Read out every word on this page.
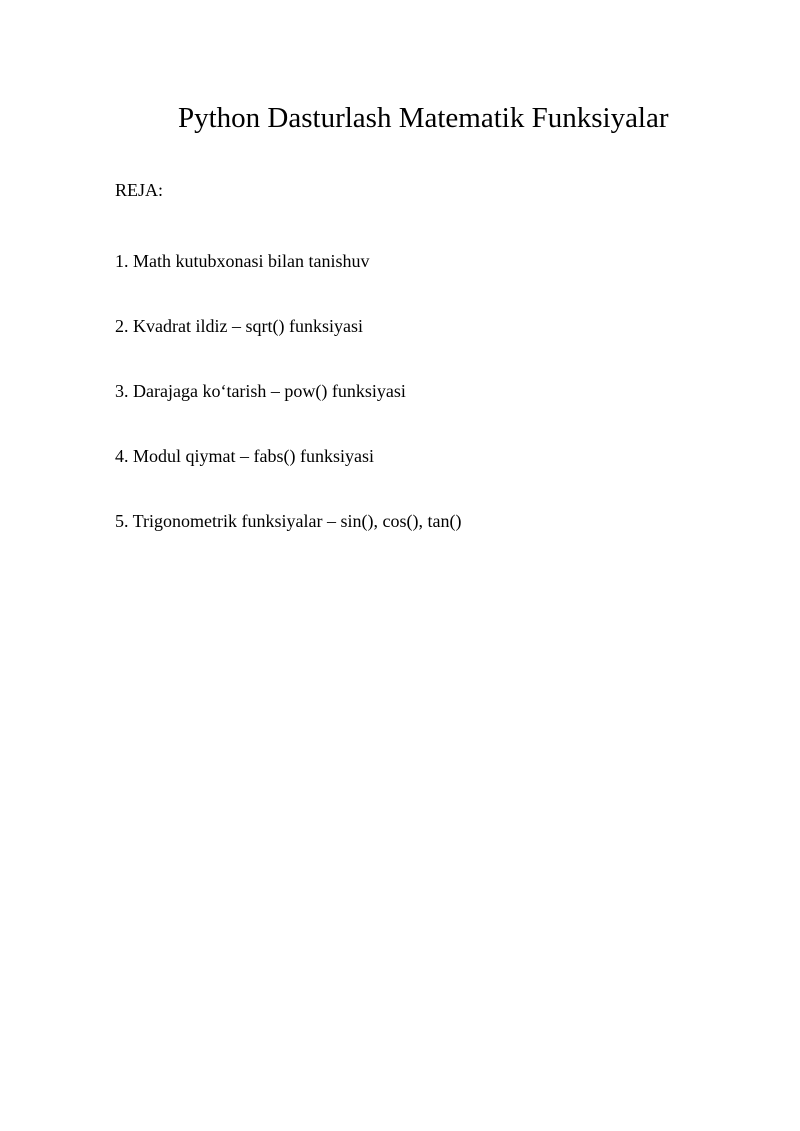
Python Dasturlash Matematik Funksiyalar

REJA:

1. Math kutubxonasi bilan tanishuv
2. Kvadrat ildiz – sqrt() funksiyasi
3. Darajaga ko‘tarish – pow() funksiyasi
4. Modul qiymat – fabs() funksiyasi
5. Trigonometrik funksiyalar – sin(), cos(), tan()
